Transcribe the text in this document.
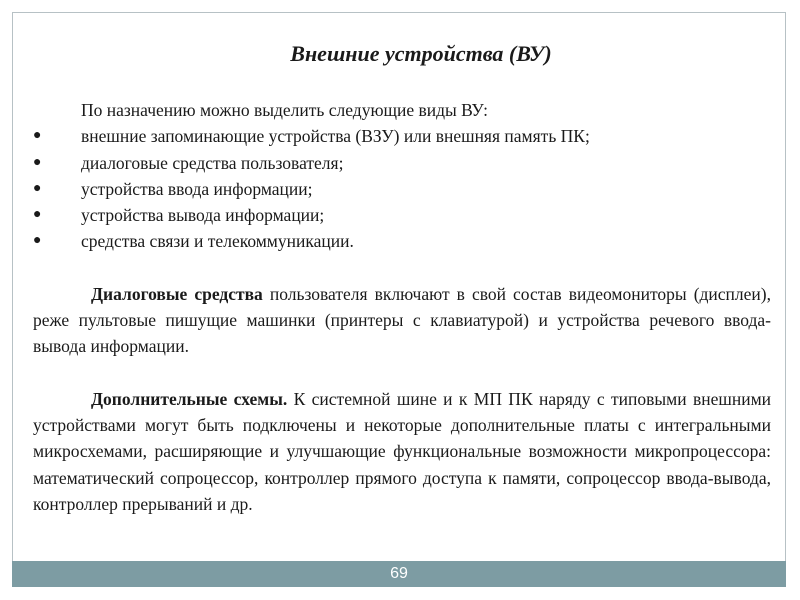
Внешние устройства (ВУ)

По назначению можно выделить следующие виды ВУ:

●	внешние запоминающие устройства (ВЗУ) или внешняя память ПК;
●	диалоговые средства пользователя;
●	устройства ввода информации;
●	устройства вывода информации;
●	средства связи и телекоммуникации.

Диалоговые средства пользователя включают в свой состав видеомониторы (дисплеи), реже пультовые пишущие машинки (принтеры с клавиатурой) и устройства речевого ввода-вывода информации.

Дополнительные схемы. К системной шине и к МП ПК наряду с типовыми внешними устройствами могут быть подключены и некоторые дополнительные платы с интегральными микросхемами, расширяющие и улучшающие функциональные возможности микропроцессора: математический сопроцессор, контроллер прямого доступа к памяти, сопроцессор ввода-вывода, контроллер прерываний и др.

69
